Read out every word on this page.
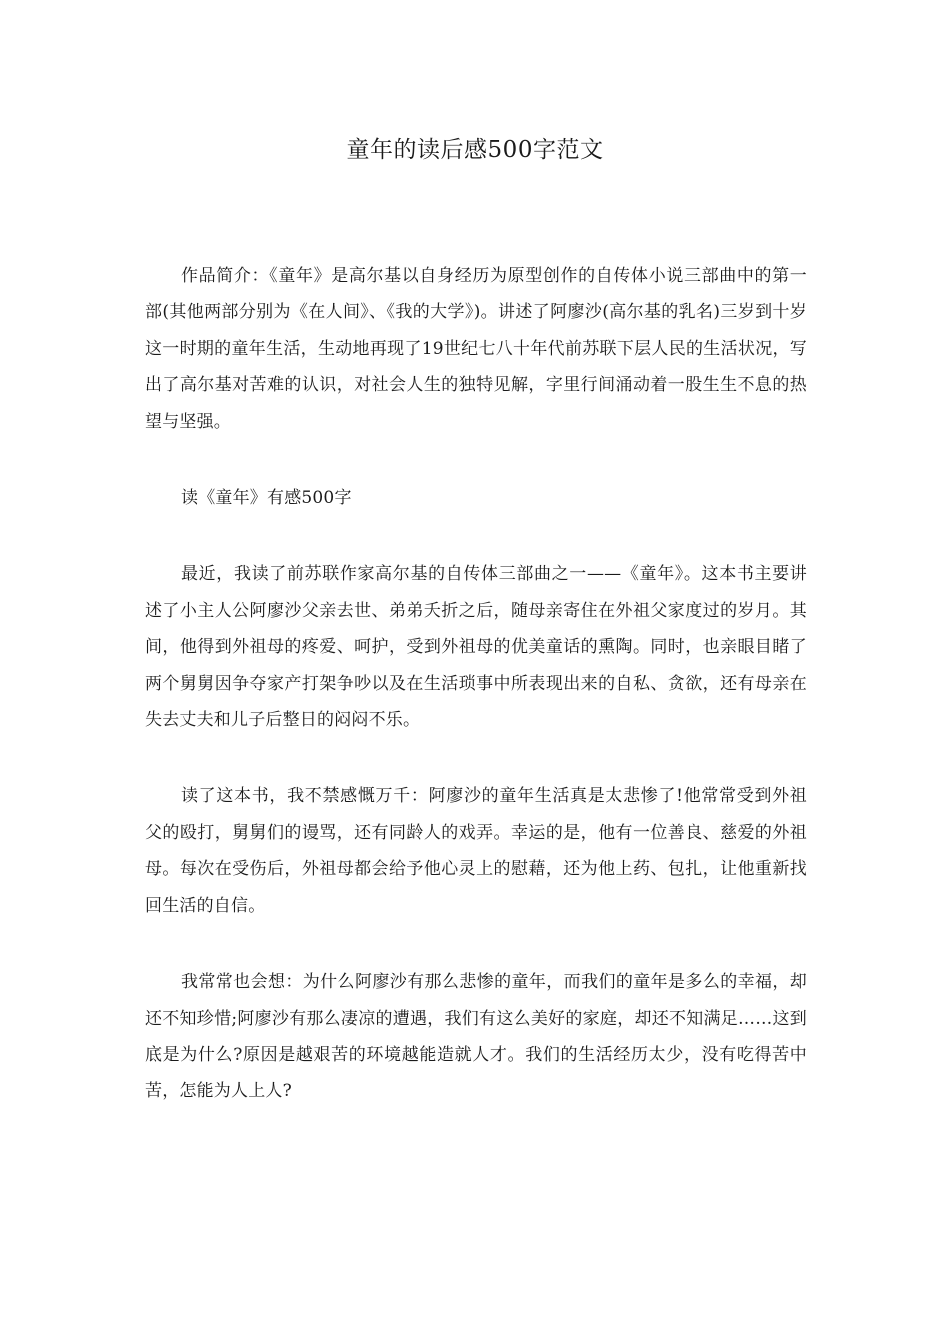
童年的读后感500字范文

作品简介：《童年》是高尔基以自身经历为原型创作的自传体小说三部曲中的第一部(其他两部分别为《在人间》、《我的大学》)。讲述了阿廖沙(高尔基的乳名)三岁到十岁这一时期的童年生活，生动地再现了19世纪七八十年代前苏联下层人民的生活状况，写出了高尔基对苦难的认识，对社会人生的独特见解，字里行间涌动着一股生生不息的热望与坚强。

读《童年》有感500字

最近，我读了前苏联作家高尔基的自传体三部曲之一——《童年》。这本书主要讲述了小主人公阿廖沙父亲去世、弟弟夭折之后，随母亲寄住在外祖父家度过的岁月。其间，他得到外祖母的疼爱、呵护，受到外祖母的优美童话的熏陶。同时，也亲眼目睹了两个舅舅因争夺家产打架争吵以及在生活琐事中所表现出来的自私、贪欲，还有母亲在失去丈夫和儿子后整日的闷闷不乐。

读了这本书，我不禁感慨万千：阿廖沙的童年生活真是太悲惨了!他常常受到外祖父的殴打，舅舅们的谩骂，还有同龄人的戏弄。幸运的是，他有一位善良、慈爱的外祖母。每次在受伤后，外祖母都会给予他心灵上的慰藉，还为他上药、包扎，让他重新找回生活的自信。

我常常也会想：为什么阿廖沙有那么悲惨的童年，而我们的童年是多么的幸福，却还不知珍惜;阿廖沙有那么凄凉的遭遇，我们有这么美好的家庭，却还不知满足……这到底是为什么?原因是越艰苦的环境越能造就人才。我们的生活经历太少，没有吃得苦中苦，怎能为人上人?
